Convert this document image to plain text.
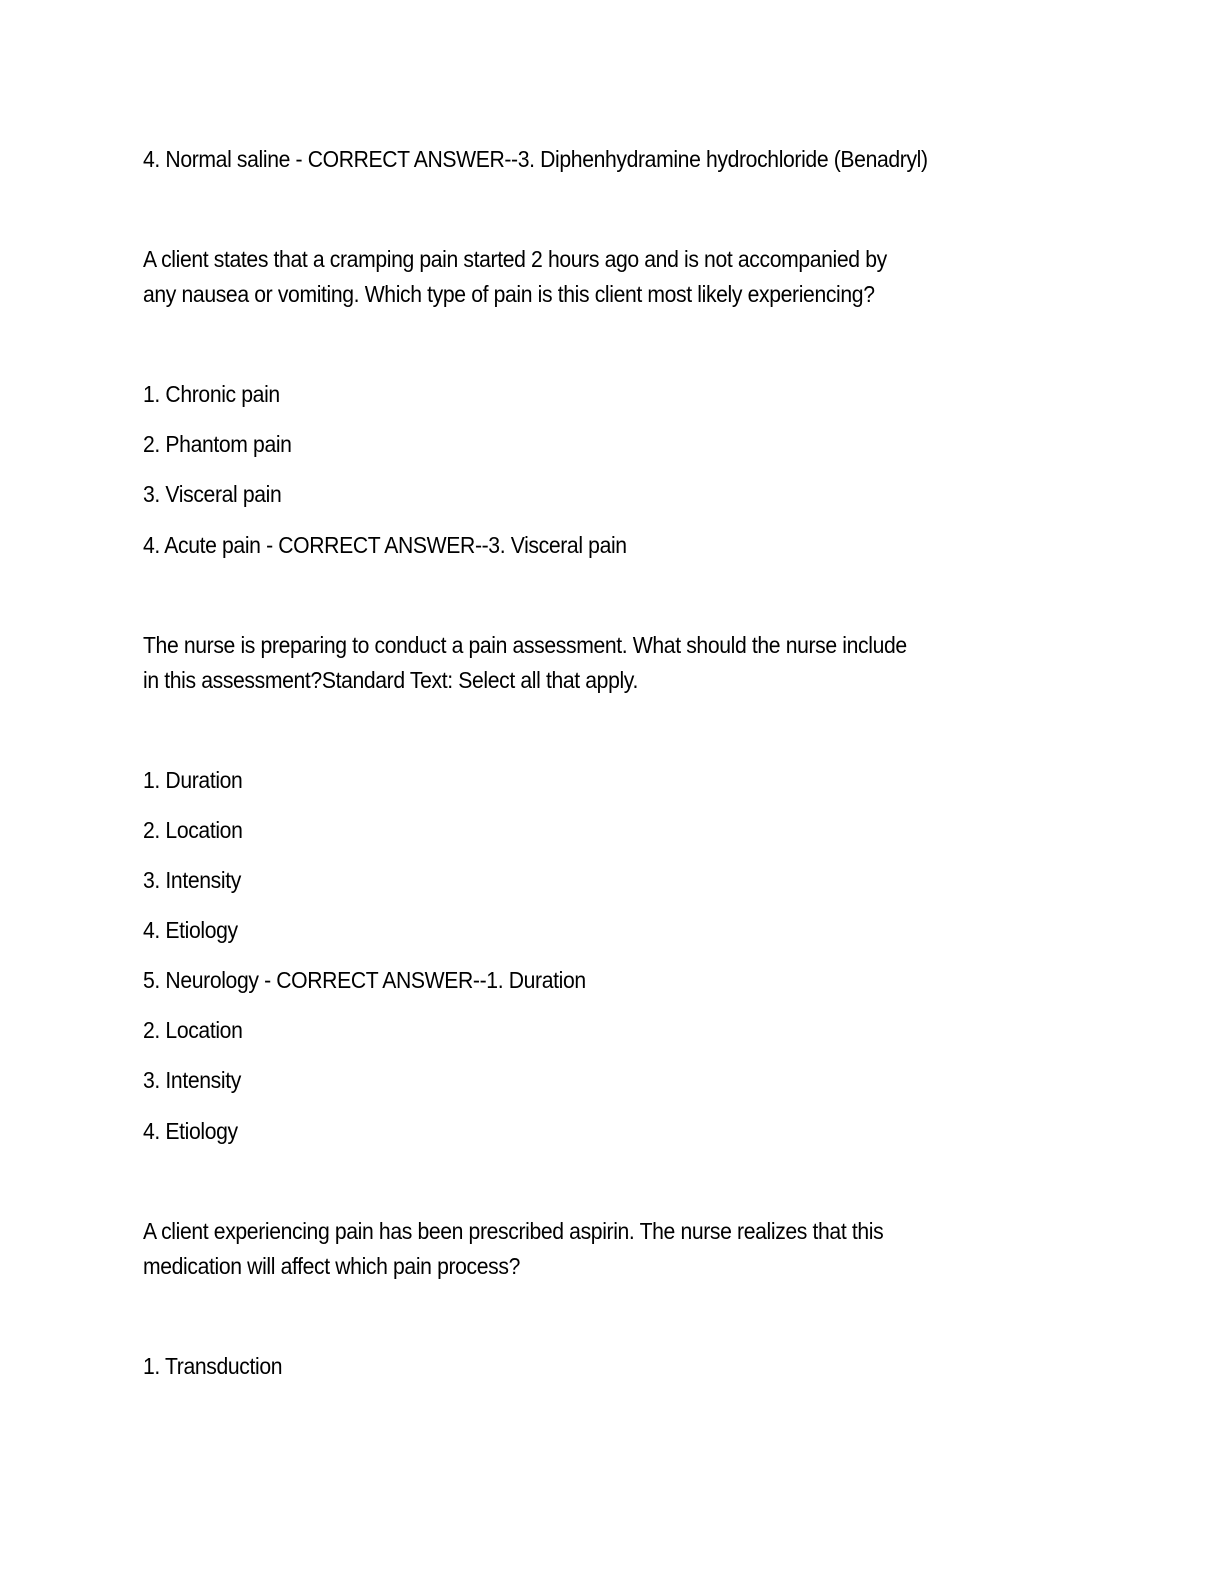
4. Normal saline - CORRECT ANSWER--3. Diphenhydramine hydrochloride (Benadryl)

A client states that a cramping pain started 2 hours ago and is not accompanied by

any nausea or vomiting. Which type of pain is this client most likely experiencing?

1. Chronic pain

2. Phantom pain

3. Visceral pain

4. Acute pain - CORRECT ANSWER--3. Visceral pain

The nurse is preparing to conduct a pain assessment. What should the nurse include

in this assessment?Standard Text: Select all that apply.

1. Duration

2. Location

3. Intensity

4. Etiology

5. Neurology - CORRECT ANSWER--1. Duration

2. Location

3. Intensity

4. Etiology

A client experiencing pain has been prescribed aspirin. The nurse realizes that this

medication will affect which pain process?

1. Transduction
